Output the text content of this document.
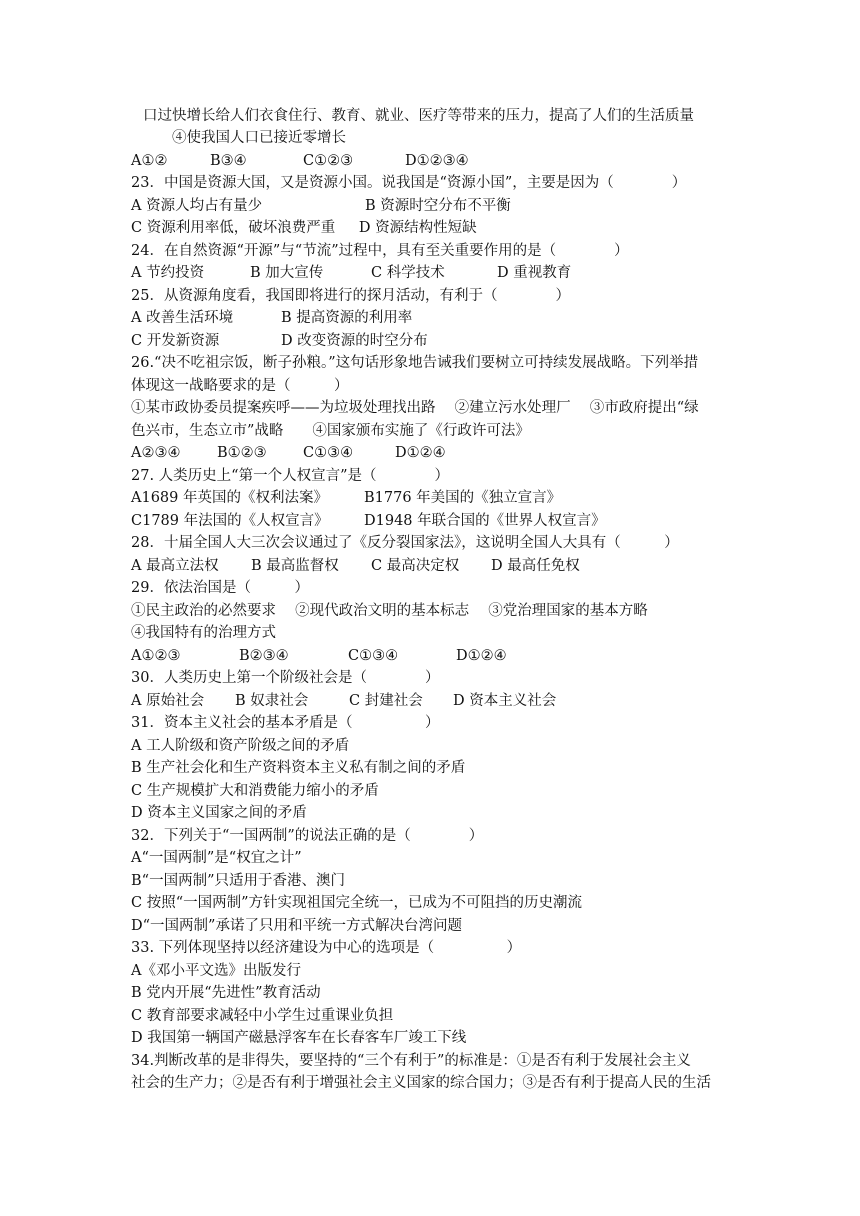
口过快增长给人们衣食住行、教育、就业、医疗等带来的压力，提高了人们的生活质量
④使我国人口已接近零增长

A①②

	B③④

	C①②③

	D①②③④

23．中国是资源大国，又是资源小国。说我国是“资源小国”，主要是因为（　　　　）

A 资源人均占有量少

	B 资源时空分布不平衡

C 资源利用率低，破坏浪费严重　  D 资源结构性短缺
24．在自然资源“开源”与“节流”过程中，具有至关重要作用的是（　　　　）

A 节约投资

	B 加大宣传

	C 科学技术

	D 重视教育

25．从资源角度看，我国即将进行的探月活动，有利于（　　　　）

A 改善生活环境

	B 提高资源的利用率

C 开发新资源

	D 改变资源的时空分布

26.“决不吃祖宗饭，断子孙粮。”这句话形象地告诫我们要树立可持续发展战略。下列举措
体现这一战略要求的是（　　　）
①某市政协委员提案疾呼——为垃圾处理找出路　 ②建立污水处理厂　 ③市政府提出“绿
色兴市，生态立市”战略　　④国家颁布实施了《行政许可法》

A②③④

	B①②③

	C①③④

	D①②④

27. 人类历史上“第一个人权宣言”是（　　　　）

A1689 年英国的《权利法案》

B1776 年美国的《独立宣言》

C1789 年法国的《人权宣言》

D1948 年联合国的《世界人权宣言》

28．十届全国人大三次会议通过了《反分裂国家法》，这说明全国人大具有（　　　）

A 最高立法权

B 最高监督权

C 最高决定权

D 最高任免权

29．依法治国是（　　　）
①民主政治的必然要求　 ②现代政治文明的基本标志　 ③党治理国家的基本方略
④我国特有的治理方式

A①②③

	B②③④

	C①③④

	D①②④

30．人类历史上第一个阶级社会是（　　　　）

A 原始社会

B 奴隶社会

	C 封建社会

D 资本主义社会

31．资本主义社会的基本矛盾是（　　　　　）
A 工人阶级和资产阶级之间的矛盾
B 生产社会化和生产资料资本主义私有制之间的矛盾
C 生产规模扩大和消费能力缩小的矛盾
D 资本主义国家之间的矛盾
32．下列关于“一国两制”的说法正确的是（　　　　）
A“一国两制”是“权宜之计”
B“一国两制”只适用于香港、澳门
C 按照“一国两制”方针实现祖国完全统一，已成为不可阻挡的历史潮流
D“一国两制”承诺了只用和平统一方式解决台湾问题
33. 下列体现坚持以经济建设为中心的选项是（　　　　　）
A《邓小平文选》出版发行
B 党内开展“先进性”教育活动
C 教育部要求减轻中小学生过重课业负担
D 我国第一辆国产磁悬浮客车在长春客车厂竣工下线
34.判断改革的是非得失，要坚持的“三个有利于”的标准是：①是否有利于发展社会主义
社会的生产力；②是否有利于增强社会主义国家的综合国力；③是否有利于提高人民的生活
